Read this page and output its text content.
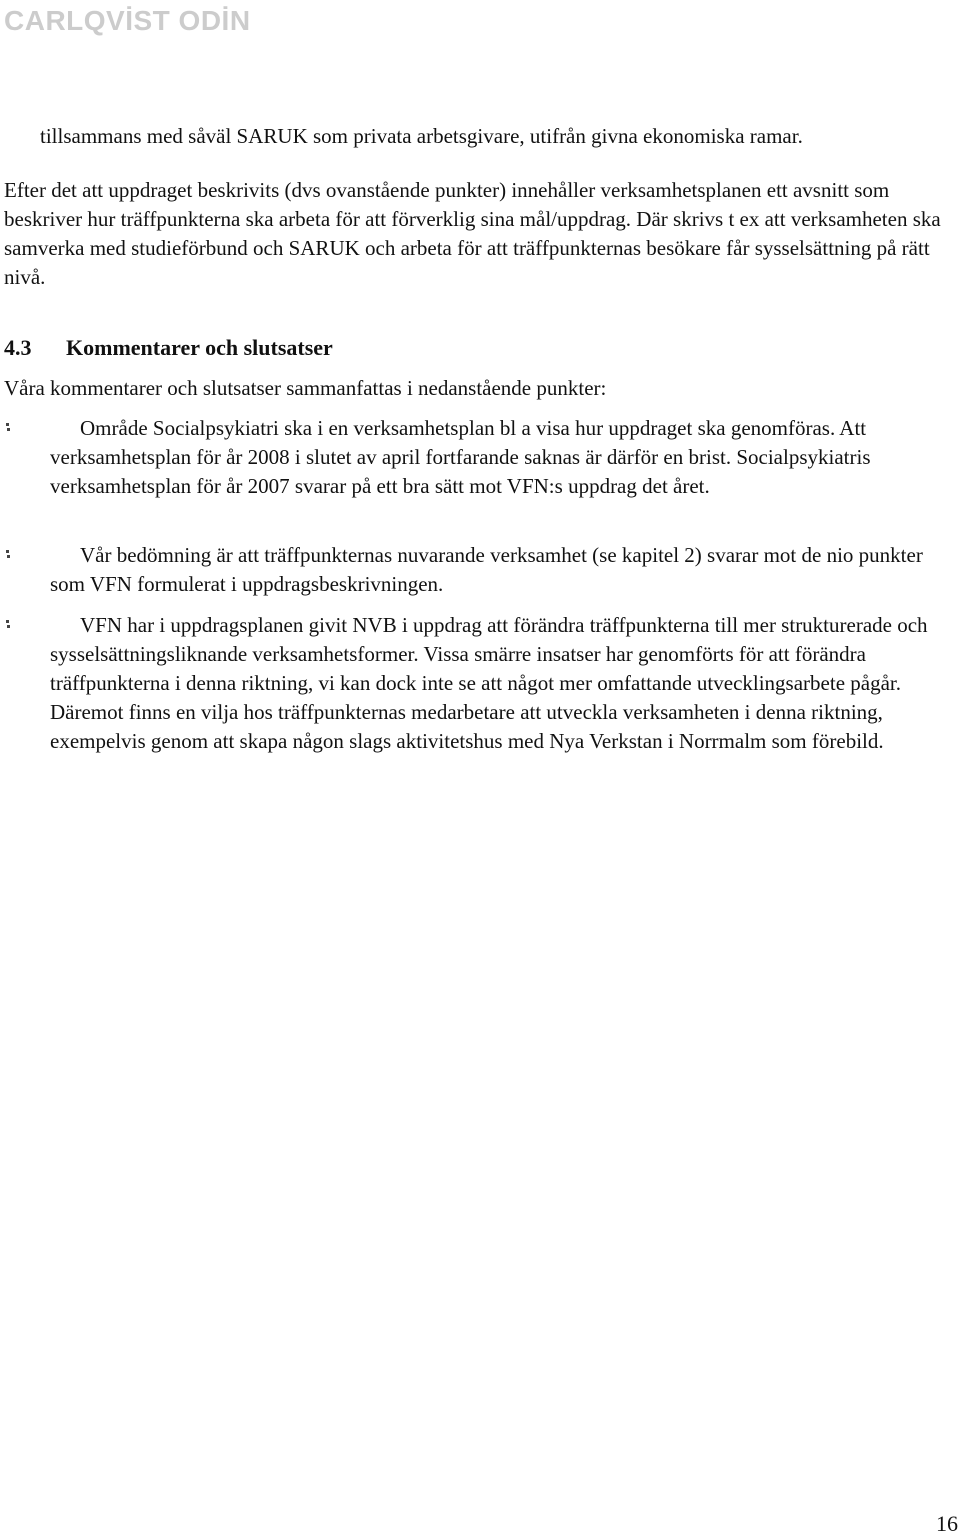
CARLQVİST ODİN

tillsammans med såväl SARUK som privata arbetsgivare, utifrån givna ekonomiska ramar.

Efter det att uppdraget beskrivits (dvs ovanstående punkter) innehåller verksamhetsplanen ett avsnitt som beskriver hur träffpunkterna ska arbeta för att förverklig sina mål/uppdrag. Där skrivs t ex att verksamheten ska samverka med studieförbund och SARUK och arbeta för att träffpunkternas besökare får sysselsättning på rätt nivå.

4.3 Kommentarer och slutsatser

Våra kommentarer och slutsatser sammanfattas i nedanstående punkter:

Område Socialpsykiatri ska i en verksamhetsplan bl a visa hur uppdraget ska genomföras. Att verksamhetsplan för år 2008 i slutet av april fortfarande saknas är därför en brist. Socialpsykiatris verksamhetsplan för år 2007 svarar på ett bra sätt mot VFN:s uppdrag det året.

Vår bedömning är att träffpunkternas nuvarande verksamhet (se kapitel 2) svarar mot de nio punkter som VFN formulerat i uppdragsbeskrivningen.

VFN har i uppdragsplanen givit NVB i uppdrag att förändra träffpunkterna till mer strukturerade och sysselsättningsliknande verksamhetsformer. Vissa smärre insatser har genomförts för att förändra träffpunkterna i denna riktning, vi kan dock inte se att något mer omfattande utvecklingsarbete pågår. Däremot finns en vilja hos träffpunkternas medarbetare att utveckla verksamheten i denna riktning, exempelvis genom att skapa någon slags aktivitetshus med Nya Verkstan i Norrmalm som förebild.

16
